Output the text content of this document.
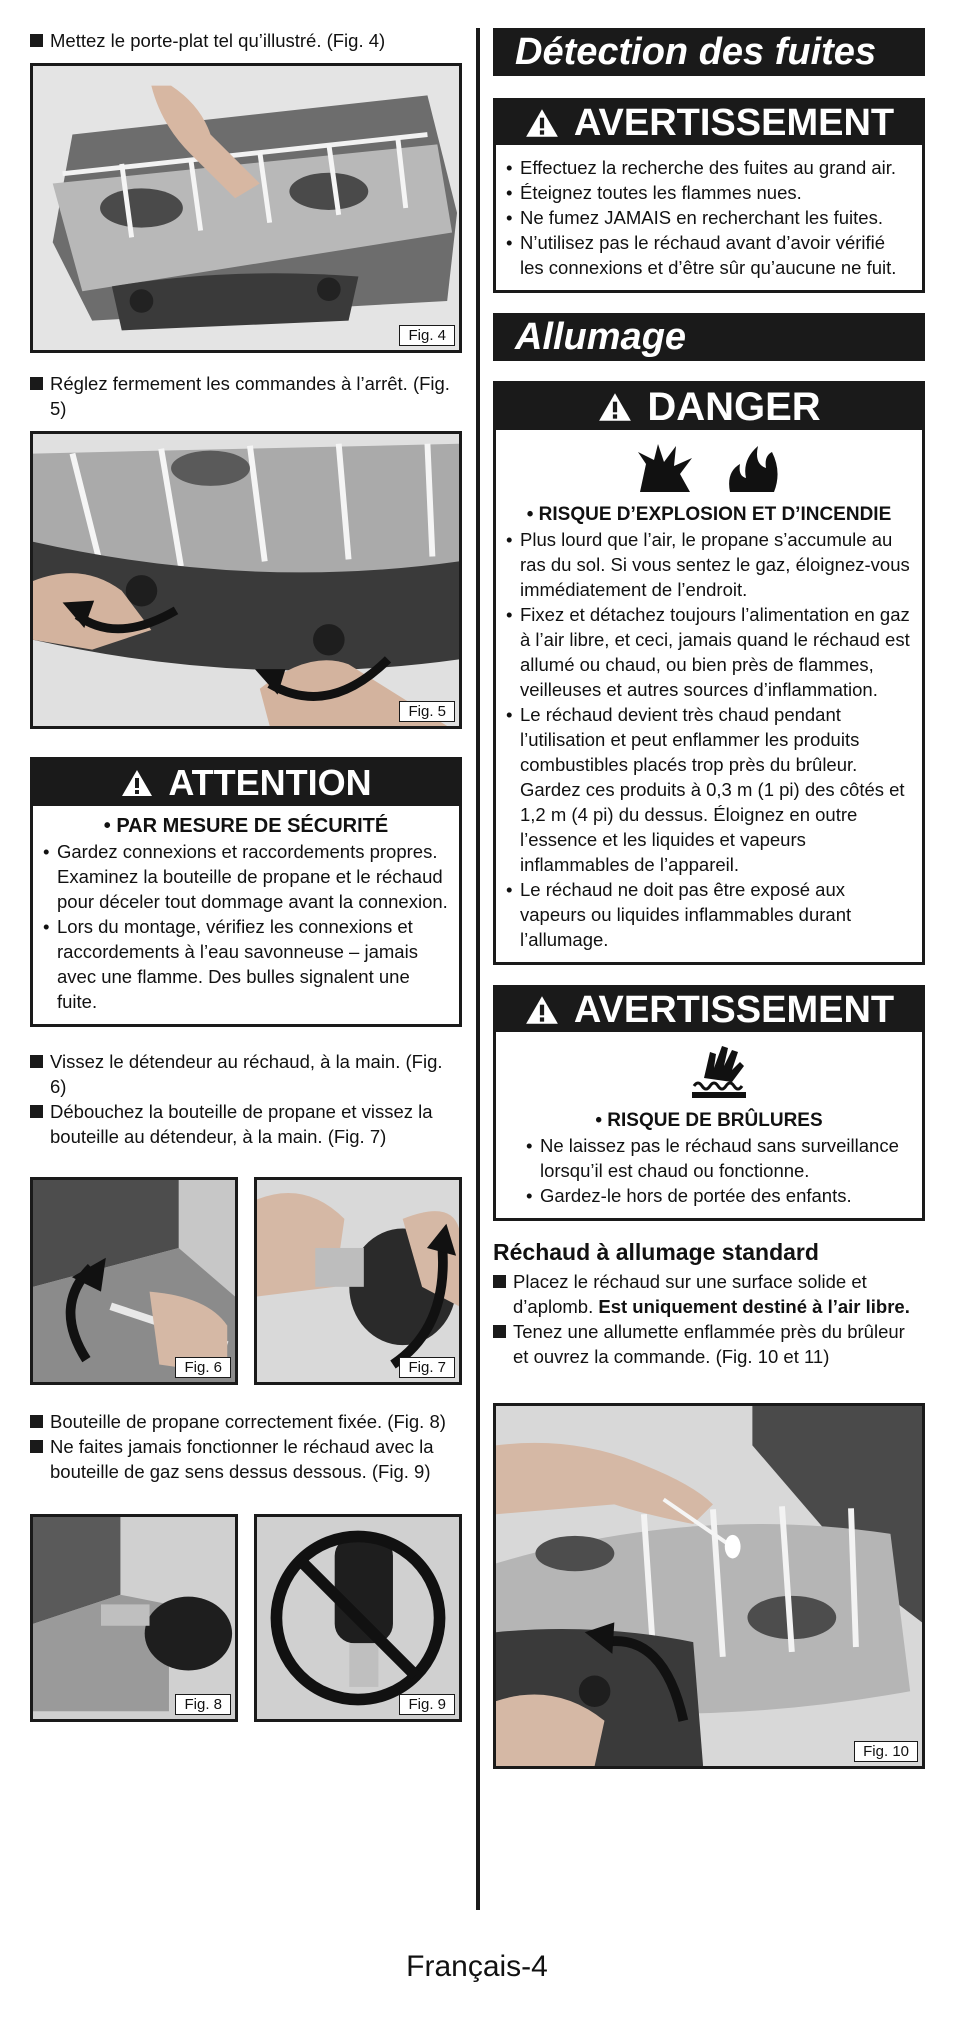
Mettez le porte-plat tel qu’illustré. (Fig. 4)
Fig. 4
Réglez fermement les commandes à l’arrêt. (Fig. 5)
Fig. 5
ATTENTION
• PAR MESURE DE SÉCURITÉ
• Gardez connexions et raccordements propres. Examinez la bouteille de propane et le réchaud pour déceler tout dommage avant la connexion.
• Lors du montage, vérifiez les connexions et raccordements à l’eau savonneuse – jamais avec une flamme. Des bulles signalent une fuite.
Vissez le détendeur au réchaud, à la main. (Fig. 6)
Débouchez la bouteille de propane et vissez la bouteille au détendeur, à la main. (Fig. 7)
Fig. 6	Fig. 7
Bouteille de propane correctement fixée. (Fig. 8)
Ne faites jamais fonctionner le réchaud avec la bouteille de gaz sens dessus dessous. (Fig. 9)
Fig. 8	Fig. 9
Détection des fuites
AVERTISSEMENT
• Effectuez la recherche des fuites au grand air.
• Éteignez toutes les flammes nues.
• Ne fumez JAMAIS en recherchant les fuites.
• N’utilisez pas le réchaud avant d’avoir vérifié les connexions et d’être sûr qu’aucune ne fuit.
Allumage
DANGER
• RISQUE D’EXPLOSION ET D’INCENDIE
• Plus lourd que l’air, le propane s’accumule au ras du sol. Si vous sentez le gaz, éloignez-vous immédiatement de l’endroit.
• Fixez et détachez toujours l’alimentation en gaz à l’air libre, et ceci, jamais quand le réchaud est allumé ou chaud, ou bien près de flammes, veilleuses et autres sources d’inflammation.
• Le réchaud devient très chaud pendant l’utilisation et peut enflammer les produits combustibles placés trop près du brûleur. Gardez ces produits à 0,3 m (1 pi) des côtés et 1,2 m (4 pi) du dessus. Éloignez en outre l’essence et les liquides et vapeurs inflammables de l’appareil.
• Le réchaud ne doit pas être exposé aux vapeurs ou liquides inflammables durant l’allumage.
AVERTISSEMENT
• RISQUE DE BRÛLURES
• Ne laissez pas le réchaud sans surveillance lorsqu’il est chaud ou fonctionne.
• Gardez-le hors de portée des enfants.
Réchaud à allumage standard
Placez le réchaud sur une surface solide et d’aplomb. Est uniquement destiné à l’air libre.
Tenez une allumette enflammée près du brûleur et ouvrez la commande. (Fig. 10 et 11)
Fig. 10
Français-4
